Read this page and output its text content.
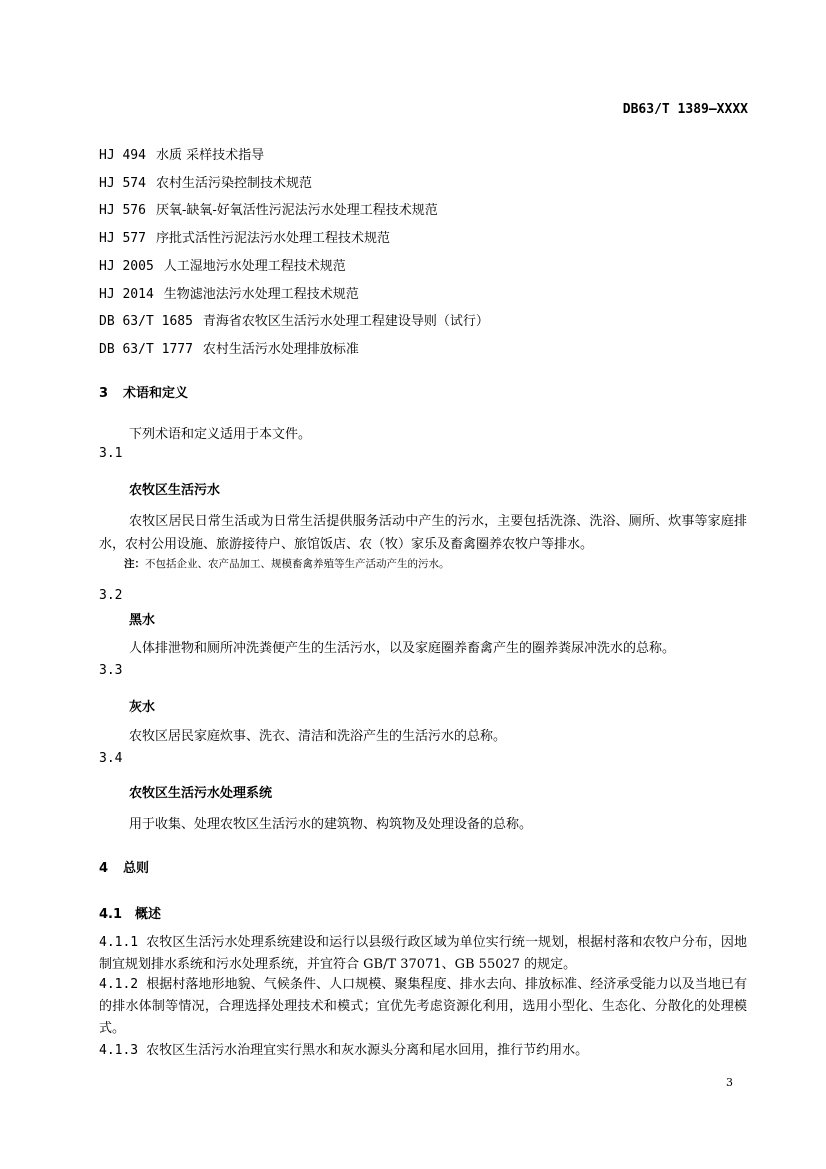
DB63/T 1389—XXXX
HJ 494 水质 采样技术指导
HJ 574 农村生活污染控制技术规范
HJ 576 厌氧-缺氧-好氧活性污泥法污水处理工程技术规范
HJ 577 序批式活性污泥法污水处理工程技术规范
HJ 2005 人工湿地污水处理工程技术规范
HJ 2014 生物滤池法污水处理工程技术规范
DB 63/T 1685 青海省农牧区生活污水处理工程建设导则（试行）
DB 63/T 1777 农村生活污水处理排放标准
3 术语和定义
下列术语和定义适用于本文件。
3.1
农牧区生活污水
农牧区居民日常生活或为日常生活提供服务活动中产生的污水，主要包括洗涤、洗浴、厕所、炊事等家庭排水，农村公用设施、旅游接待户、旅馆饭店、农（牧）家乐及畜禽圈养农牧户等排水。
注：不包括企业、农产品加工、规模畜禽养殖等生产活动产生的污水。
3.2
黑水
人体排泄物和厕所冲洗粪便产生的生活污水，以及家庭圈养畜禽产生的圈养粪尿冲洗水的总称。
3.3
灰水
农牧区居民家庭炊事、洗衣、清洁和洗浴产生的生活污水的总称。
3.4
农牧区生活污水处理系统
用于收集、处理农牧区生活污水的建筑物、构筑物及处理设备的总称。
4 总则
4.1 概述
4.1.1 农牧区生活污水处理系统建设和运行以县级行政区域为单位实行统一规划，根据村落和农牧户分布，因地制宜规划排水系统和污水处理系统，并宜符合 GB/T 37071、GB 55027 的规定。
4.1.2 根据村落地形地貌、气候条件、人口规模、聚集程度、排水去向、排放标准、经济承受能力以及当地已有的排水体制等情况，合理选择处理技术和模式；宜优先考虑资源化利用，选用小型化、生态化、分散化的处理模式。
4.1.3 农牧区生活污水治理宜实行黑水和灰水源头分离和尾水回用，推行节约用水。
3
